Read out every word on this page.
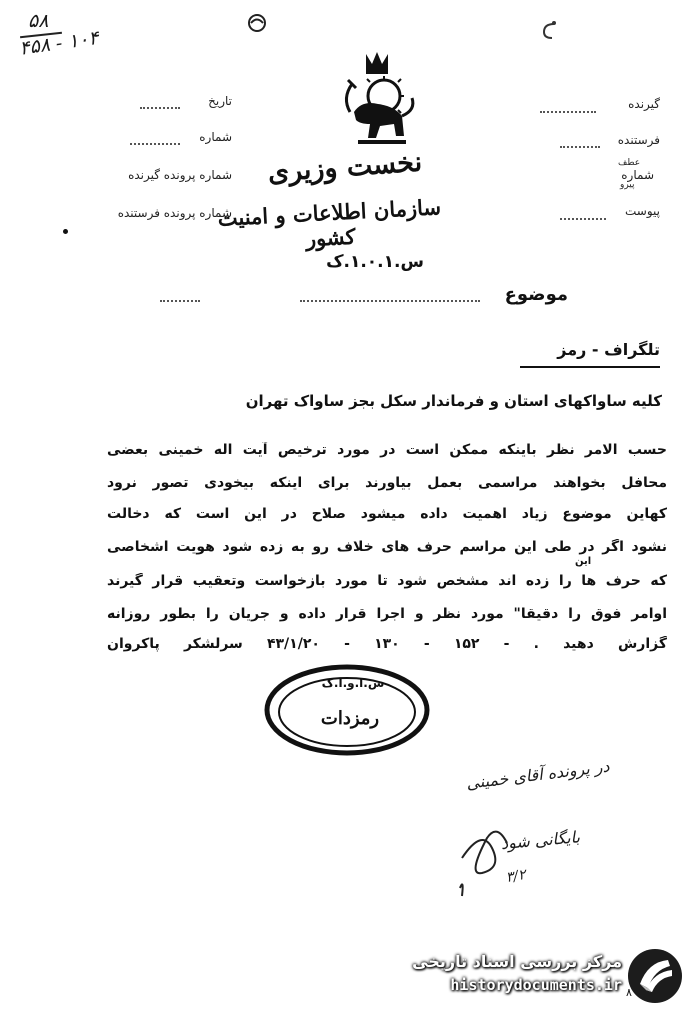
۵۸
۴۵۸ - ۱۰۴
نخست وزیری
سازمان اطلاعات و امنیت کشور
س.۱.۰.۱.ک
تاریخ
شماره
شماره پرونده گیرنده
شماره پرونده فرستنده
گیرنده
فرستنده
شماره
عطف
پیرو
پیوست
موضوع
تلگراف - رمز
کلیه ساواکهای استان و فرماندار سکل بجز ساواک تهران
حسب الامر نظر باینکه ممکن است در مورد ترخیص آیت اله خمینی بعضی
محافل بخواهند مراسمی بعمل بیاورند برای اینکه بیخودی تصور نرود
کهاین موضوع زیاد اهمیت داده میشود صلاح در این است که دخالت
این
نشود اگر در طی این مراسم حرف های خلاف رو به زده شود هویت اشخاصی
که حرف ها را زده اند مشخص شود تا مورد بازخواست وتعقیب قرار گیرند
اوامر فوق را دقیقا" مورد نظر و اجرا قرار داده و جریان را بطور روزانه
گزارش دهید . - ۱۵۲ - ۱۳۰ - ۴۳/۱/۲۰ سرلشکر پاکروان
س.ا.و.ا.ک
رمزدات
در پرونده آقای خمینی
بایگانی شود
۳/۲
مرکز بررسی اسناد تاریخی
historydocuments.ir ۸
